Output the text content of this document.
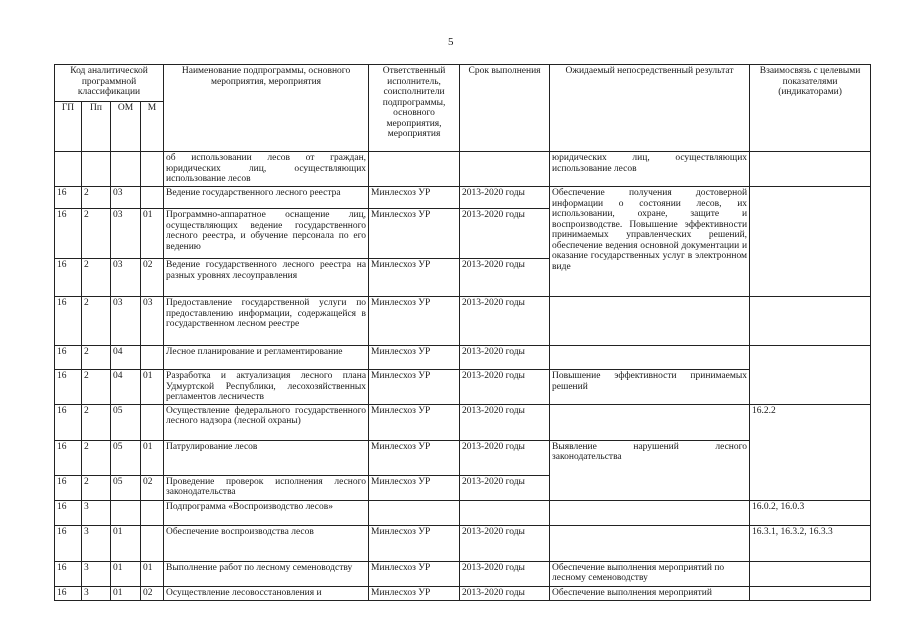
5
Код аналитической программной классификации				Наименование подпрограммы, основного мероприятия, мероприятия	Ответственный исполнитель, соисполнители подпрограммы, основного мероприятия, мероприятия	Срок выполнения	Ожидаемый непосредственный результат	Взаимосвязь с целевыми показателями (индикаторами)
ГП	Пп	ОМ	М					
				об использовании лесов от граждан, юридических лиц, осуществляющих использование лесов			юридических лиц, осуществляющих использование лесов	
16	2	03		Ведение государственного лесного реестра	Минлесхоз УР	2013-2020 годы	Обеспечение получения достоверной информации о состоянии лесов, их использовании, охране, защите и воспроизводстве. Повышение эффективности принимаемых управленческих решений, обеспечение ведения основной документации и оказание государственных услуг в электронном виде	
16	2	03	01	Программно-аппаратное оснащение лиц, осуществляющих ведение государственного лесного реестра, и обучение персонала по его ведению	Минлесхоз УР	2013-2020 годы		
16	2	03	02	Ведение государственного лесного реестра на разных уровнях лесоуправления	Минлесхоз УР	2013-2020 годы		
16	2	03	03	Предоставление государственной услуги по предоставлению информации, содержащейся в государственном лесном реестре	Минлесхоз УР	2013-2020 годы		
16	2	04		Лесное планирование и регламентирование	Минлесхоз УР	2013-2020 годы		
16	2	04	01	Разработка и актуализация лесного плана Удмуртской Республики, лесохозяйственных регламентов лесничеств	Минлесхоз УР	2013-2020 годы	Повышение эффективности принимаемых решений	
16	2	05		Осуществление федерального государственного лесного надзора (лесной охраны)	Минлесхоз УР	2013-2020 годы		16.2.2
16	2	05	01	Патрулирование лесов	Минлесхоз УР	2013-2020 годы	Выявление нарушений лесного законодательства	
16	2	05	02	Проведение проверок исполнения лесного законодательства	Минлесхоз УР	2013-2020 годы		
16	3			Подпрограмма «Воспроизводство лесов»				16.0.2, 16.0.3
16	3	01		Обеспечение воспроизводства лесов	Минлесхоз УР	2013-2020 годы		16.3.1, 16.3.2, 16.3.3
16	3	01	01	Выполнение работ по лесному семеноводству	Минлесхоз УР	2013-2020 годы	Обеспечение выполнения мероприятий по лесному семеноводству	
16	3	01	02	Осуществление лесовосстановления и	Минлесхоз УР	2013-2020 годы	Обеспечение выполнения мероприятий	
